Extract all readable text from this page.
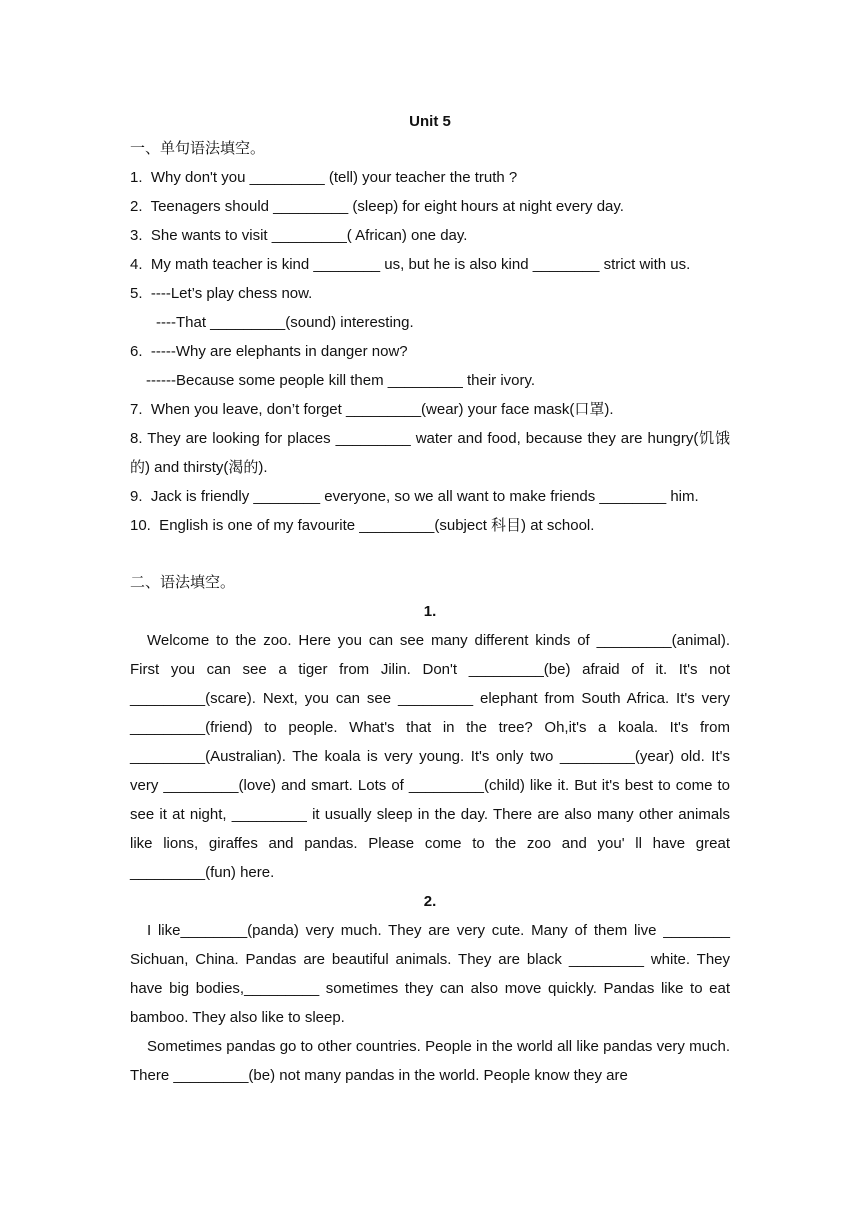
Unit 5
一、单句语法填空。
1.  Why don't you _________ (tell) your teacher the truth ?
2.  Teenagers should _________ (sleep) for eight hours at night every day.
3.  She wants to visit _________( African) one day.
4.  My math teacher is kind ________ us, but he is also kind ________ strict with us.
5.  ----Let’s play chess now.
----That _________(sound) interesting.
6.  -----Why are elephants in danger now?
------Because some people kill them _________ their ivory.
7.  When you leave, don’t forget _________(wear) your face mask(口罩).
8. They are looking for places _________ water and food, because they are hungry(饥饿的) and thirsty(渴的).
9.  Jack is friendly ________ everyone, so we all want to make friends ________ him.
10.  English is one of my favourite _________(subject 科目) at school.
二、语法填空。
1.
Welcome to the zoo. Here you can see many different kinds of _________(animal). First you can see a tiger from Jilin. Don't _________(be) afraid of it. It's not _________(scare). Next, you can see _________ elephant from South Africa. It's very _________(friend) to people. What's that in the tree? Oh,it's a koala. It's from _________(Australian). The koala is very young. It's only two _________(year) old. It's very _________(love) and smart. Lots of _________(child) like it. But it's best to come to see it at night, _________ it usually sleep in the day. There are also many other animals like lions, giraffes and pandas. Please come to the zoo and you' ll have great _________(fun) here.
2.
I like________(panda) very much. They are very cute. Many of them live ________ Sichuan, China. Pandas are beautiful animals. They are black _________ white. They have big bodies,_________ sometimes they can also move quickly. Pandas like to eat bamboo. They also like to sleep.
Sometimes pandas go to other countries. People in the world all like pandas very much. There _________(be) not many pandas in the world. People know they are
